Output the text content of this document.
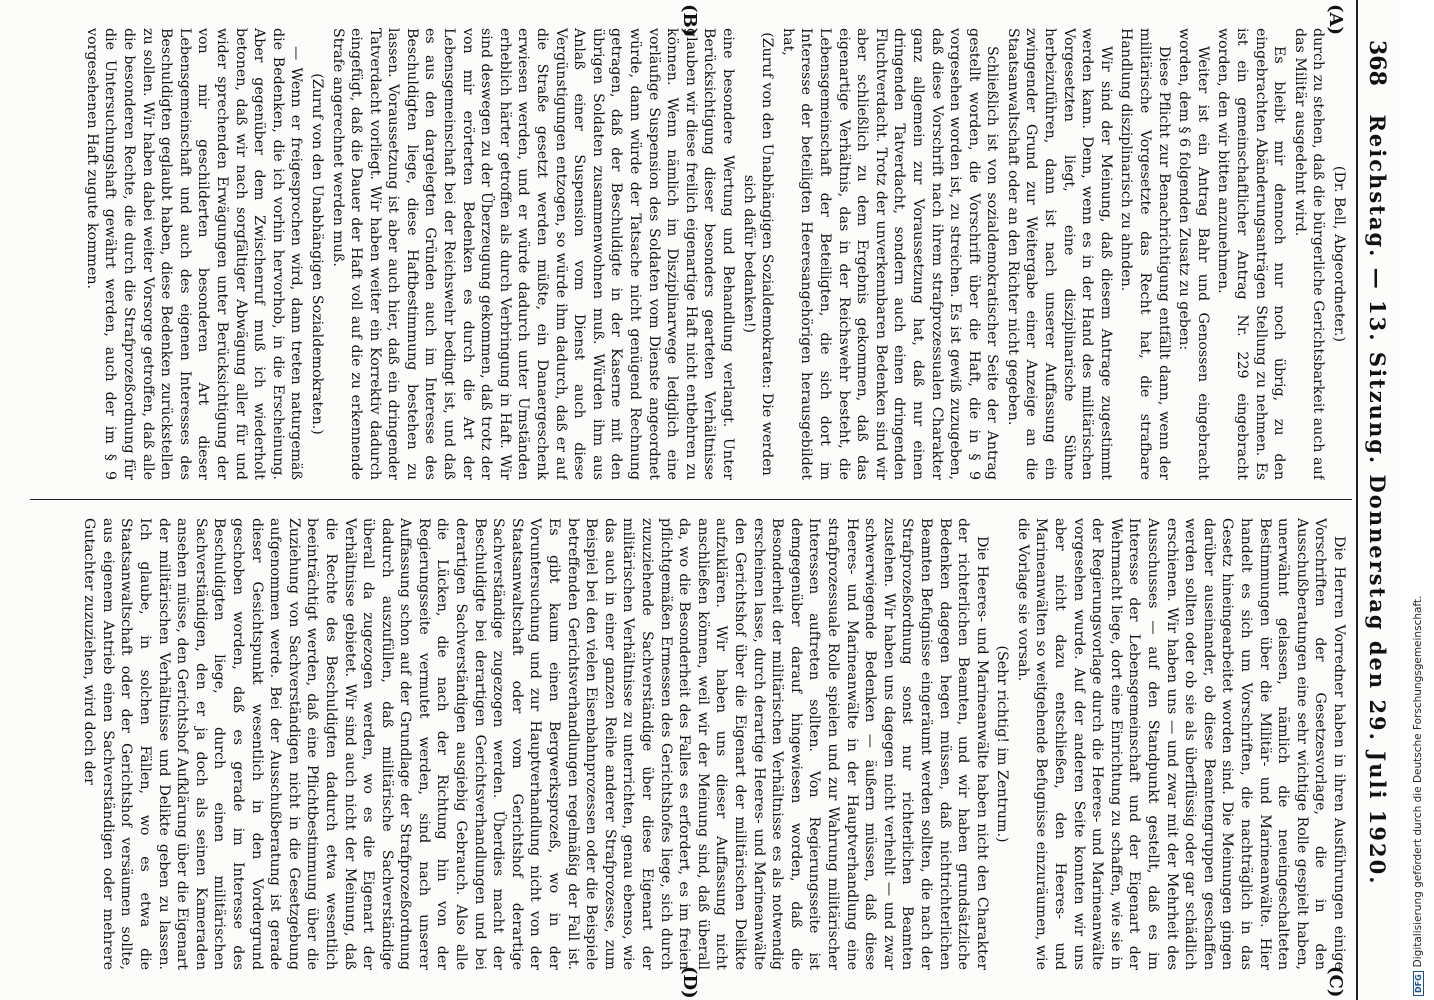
368
Reichstag. — 13. Sitzung. Donnerstag den 29. Juli 1920.
(A)
(B)
(C)
(D)

(Dr. Bell, Abgeordneter.)

durch zu stehen, daß die bürgerliche Gerichtsbarkeit auch auf das Militär ausgedehnt wird.

Es bleibt mir dennoch nur noch übrig, zu den eingebrachten Abänderungsanträgen Stellung zu nehmen. Es ist ein gemeinschaftlicher Antrag Nr. 229 eingebracht worden, den wir bitten anzunehmen.

Weiter ist ein Antrag Bahr und Genossen eingebracht worden, dem § 6 folgenden Zusatz zu geben:

Diese Pflicht zur Benachrichtigung entfällt dann, wenn der militärische Vorgesetzte das Recht hat, die strafbare Handlung disziplinarisch zu ahnden.

Wir sind der Meinung, daß diesem Antrage zugestimmt werden kann. Denn, wenn es in der Hand des militärischen Vorgesetzten liegt, eine disziplinarische Sühne herbeizuführen, dann ist nach unserer Auffassung ein zwingender Grund zur Weitergabe einer Anzeige an die Staatsanwaltschaft oder an den Richter nicht gegeben.

Schließlich ist von sozialdemokratischer Seite der Antrag gestellt worden, die Vorschrift über die Haft, die in § 9 vorgesehen worden ist, zu streichen. Es ist gewiß zuzugeben, daß diese Vorschrift nach ihrem strafprozessualen Charakter ganz allgemein zur Voraussetzung hat, daß nur einen dringenden Tatverdacht, sondern auch einen dringenden Fluchtverdacht. Trotz der unverkennbaren Bedenken sind wir aber schließlich zu dem Ergebnis gekommen, daß das eigenartige Verhältnis, das in der Reichswehr besteht, die Lebensgemeinschaft der Beteiligten, die sich dort im Interesse der beteiligten Heeresangehörigen herausgebildet hat,

(Zuruf von den Unabhängigen Sozialdemokraten: Die werden sich dafür bedanken!)

eine besondere Wertung und Behandlung verlangt. Unter Berücksichtigung dieser besonders gearteten Verhältnisse glauben wir diese freilich eigenartige Haft nicht entbehren zu können. Wenn nämlich im Disziplinarwege lediglich eine vorläufige Suspension des Soldaten vom Dienste angeordnet würde, dann würde der Tatsache nicht genügend Rechnung getragen, daß der Beschuldigte in der Kaserne mit den übrigen Soldaten zusammenwohnen muß. Würden ihm aus Anlaß einer Suspension vom Dienst auch diese Vergünstigungen entzogen, so würde ihm dadurch, daß er auf die Straße gesetzt werden müßte, ein Danaergeschenk erwiesen werden, und er würde dadurch unter Umständen erheblich härter getroffen als durch Verbringung in Haft. Wir sind deswegen zu der Überzeugung gekommen, daß trotz der von mir erörterten Bedenken es durch die Art der Lebensgemeinschaft bei der Reichswehr bedingt ist, und daß es aus den dargelegten Gründen auch im Interesse des Beschuldigten liege, diese Haftbestimmung bestehen zu lassen. Voraussetzung ist aber auch hier, daß ein dringender Tatverdacht vorliegt. Wir haben weiter ein Korrektiv dadurch eingefügt, daß die Dauer der Haft voll auf die zu erkennende Strafe angerechnet werden muß.

(Zuruf von den Unabhängigen Sozialdemokraten.)

— Wenn er freigesprochen wird, dann treten naturgemäß die Bedenken, die ich vorhin hervorhob, in die Erscheinung. Aber gegenüber dem Zwischenruf muß ich wiederholt betonen, daß wir nach sorgfältiger Abwägung aller für und wider sprechenden Erwägungen unter Berücksichtigung der von mir geschilderten besonderen Art dieser Lebensgemeinschaft und auch des eigenen Interesses des Beschuldigten geglaubt haben, diese Bedenken zurückstellen zu sollen. Wir haben dabei weiter Vorsorge getroffen, daß alle die besonderen Rechte, die durch die Strafprozeßordnung für die Untersuchungshaft gewährt werden, auch der im § 9 vorgesehenen Haft zugute kommen.

Die Herren Vorredner haben in ihren Ausführungen einige Vorschriften der Gesetzesvorlage, die in den Ausschußberatungen eine sehr wichtige Rolle gespielt haben, unerwähnt gelassen, nämlich die neueingeschalteten Bestimmungen über die Militär- und Marineanwälte. Hier handelt es sich um Vorschriften, die nachträglich in das Gesetz hineingearbeitet worden sind. Die Meinungen gingen darüber auseinander, ob diese Beamtengruppen geschaffen werden sollten oder ob sie als überflüssig oder gar schädlich erschienen. Wir haben uns — und zwar mit der Mehrheit des Ausschusses — auf den Standpunkt gestellt, daß es im Interesse der Lebensgemeinschaft und der Eigenart der Wehrmacht liege, dort eine Einrichtung zu schaffen, wie sie in der Regierungsvorlage durch die Heeres- und Marineanwälte vorgesehen wurde. Auf der anderen Seite konnten wir uns aber nicht dazu entschließen, den Heeres- und Marineanwälten so weitgehende Befugnisse einzuräumen, wie die Vorlage sie vorsah.

(Sehr richtig! im Zentrum.)

Die Heeres- und Marineanwälte haben nicht den Charakter der richterlichen Beamten, und wir haben grundsätzliche Bedenken dagegen hegen müssen, daß nichtrichterlichen Beamten Befugnisse eingeräumt werden sollten, die nach der Strafprozeßordnung sonst nur richterlichen Beamten zustehen. Wir haben uns dagegen nicht verhehlt — und zwar schwerwiegende Bedenken — äußern müssen, daß diese Heeres- und Marineanwälte in der Hauptverhandlung eine strafprozessuale Rolle spielen und zur Wahrung militärischer Interessen auftreten sollten. Von Regierungsseite ist demgegenüber darauf hingewiesen worden, daß die Besonderheit der militärischen Verhältnisse es als notwendig erscheinen lasse, durch derartige Heeres- und Marineanwälte den Gerichtshof über die Eigenart der militärischen Delikte aufzuklären. Wir haben uns dieser Auffassung nicht anschließen können, weil wir der Meinung sind, daß überall da, wo die Besonderheit des Falles es erfordert, es im freien pflichtgemäßen Ermessen des Gerichtshofes liege, sich durch zuzuziehende Sachverständige über diese Eigenart der militärischen Verhältnisse zu unterrichten, genau ebenso, wie das auch in einer ganzen Reihe anderer Strafprozesse, zum Beispiel bei den vielen Eisenbahnprozessen oder die Beispiele betreffenden Gerichtsverhandlungen regelmäßig der Fall ist. Es gibt kaum einen Bergwerksprozeß, wo in der Voruntersuchung und zur Hauptverhandlung nicht von der Staatsanwaltschaft oder vom Gerichtshof derartige Sachverständige zugezogen werden. Überdies macht der Beschuldigte bei derartigen Gerichtsverhandlungen und bei derartigen Sachverständigen ausgiebig Gebrauch. Also alle die Lücken, die nach der Richtung hin von der Regierungsseite vermutet werden, sind nach unserer Auffassung schon auf der Grundlage der Strafprozeßordnung dadurch auszufüllen, daß militärische Sachverständige überall da zugezogen werden, wo es die Eigenart der Verhältnisse gebietet. Wir sind auch nicht der Meinung, daß die Rechte des Beschuldigten dadurch etwa wesentlich beeinträchtigt werden, daß eine Pflichtbestimmung über die Zuziehung von Sachverständigen nicht in die Gesetzgebung aufgenommen werde. Bei der Ausschußberatung ist gerade dieser Gesichtspunkt wesentlich in den Vordergrund geschoben worden, daß es gerade im Interesse des Beschuldigten liege, durch einen militärischen Sachverständigen, den er ja doch als seinen Kameraden ansehen müsse, den Gerichtshof Aufklärung über die Eigenart der militärischen Verhältnisse und Delikte geben zu lassen. Ich glaube, in solchen Fällen, wo es etwa die Staatsanwaltschaft oder der Gerichtshof versäumen sollte, aus eigenem Antrieb einen Sachverständigen oder mehrere Gutachter zuzuziehen, wird doch der

DFGDigitalisierung gefördert durch die Deutsche Forschungsgemeinschaft.
